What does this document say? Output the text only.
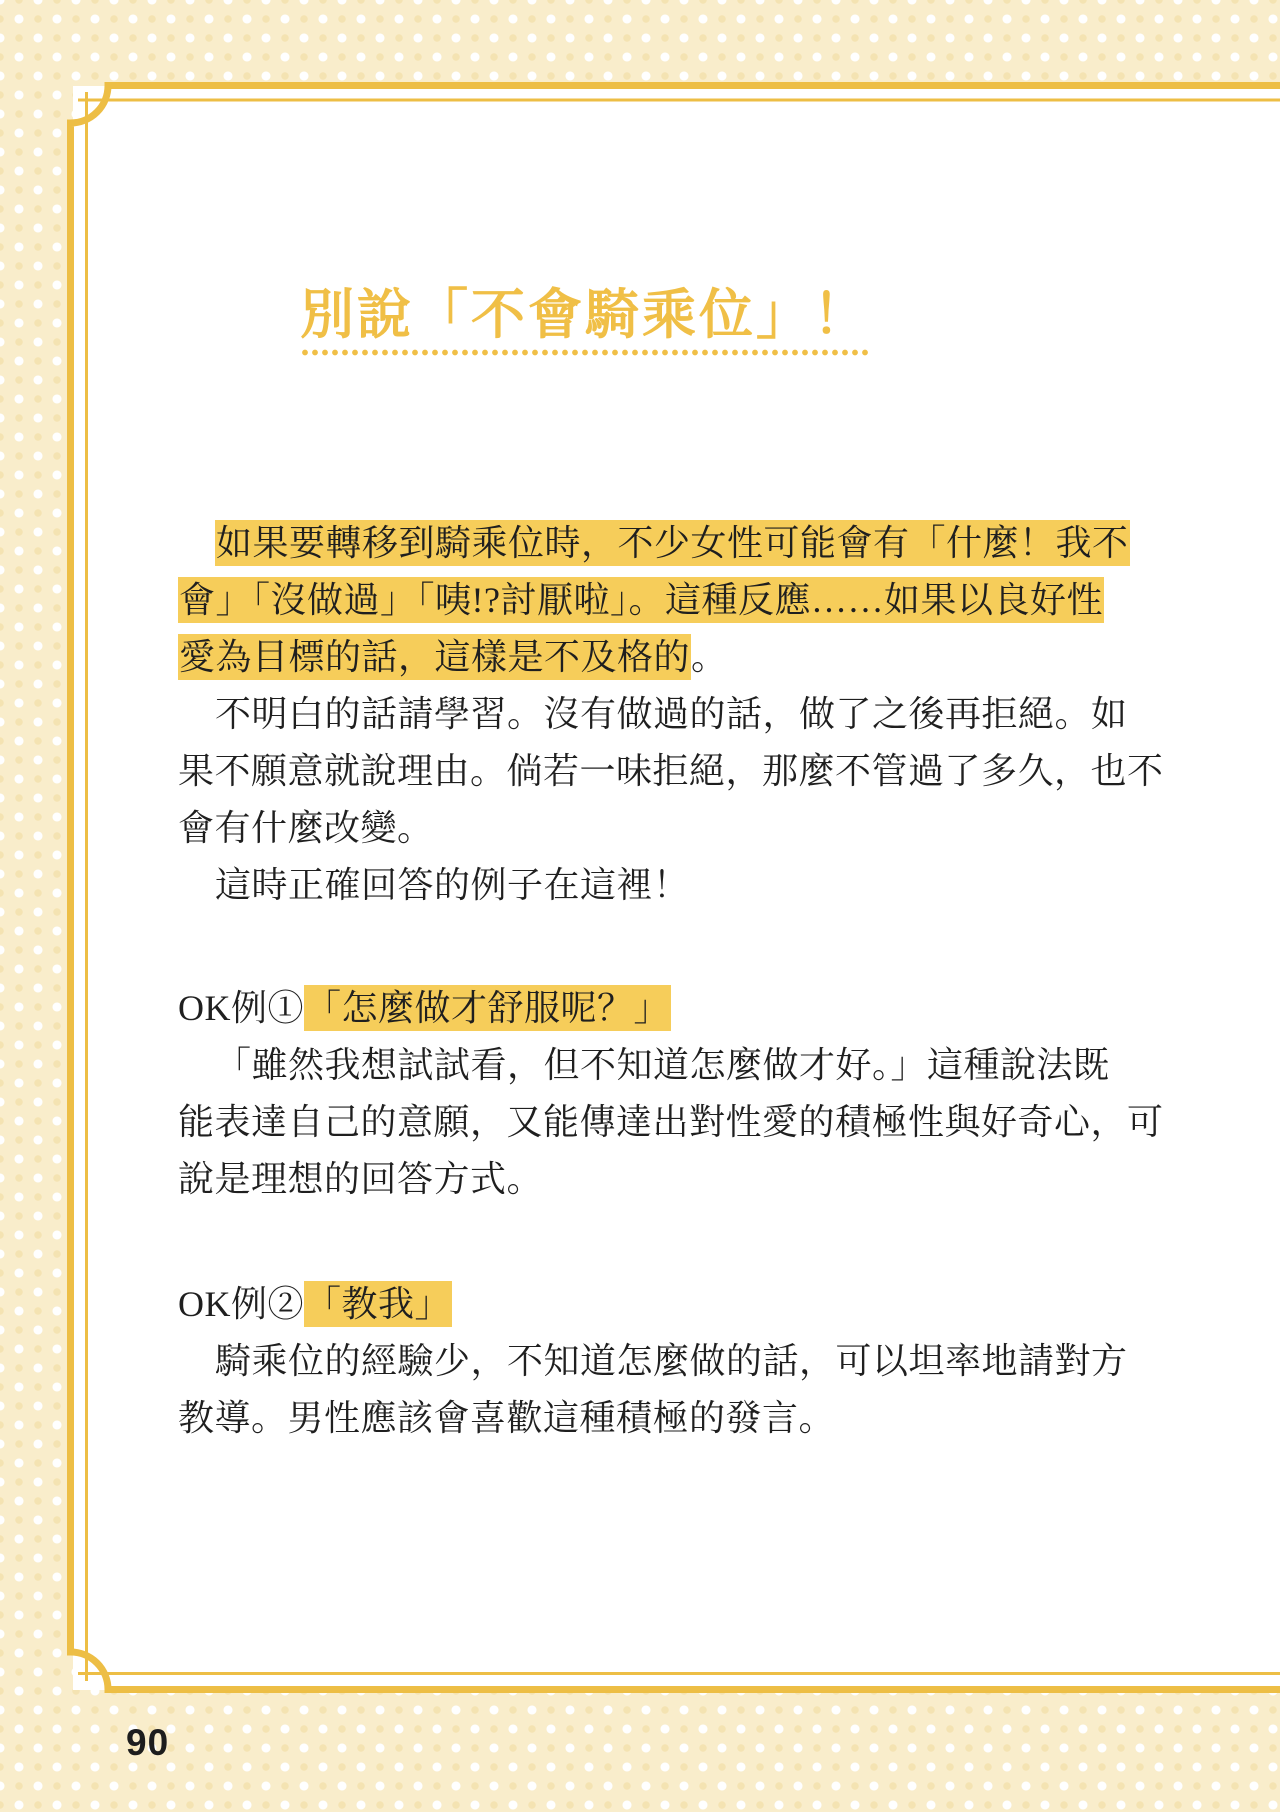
別說「不會騎乘位」！
如果要轉移到騎乘位時，不少女性可能會有「什麼！我不
會」「沒做過」「咦!?討厭啦」。這種反應……如果以良好性
愛為目標的話，這樣是不及格的。
不明白的話請學習。沒有做過的話，做了之後再拒絕。如
果不願意就說理由。倘若一味拒絕，那麼不管過了多久，也不
會有什麼改變。
這時正確回答的例子在這裡！
OK例①「怎麼做才舒服呢？」
「雖然我想試試看，但不知道怎麼做才好。」這種說法既
能表達自己的意願，又能傳達出對性愛的積極性與好奇心，可
說是理想的回答方式。
OK例②「教我」
騎乘位的經驗少，不知道怎麼做的話，可以坦率地請對方
教導。男性應該會喜歡這種積極的發言。
90
